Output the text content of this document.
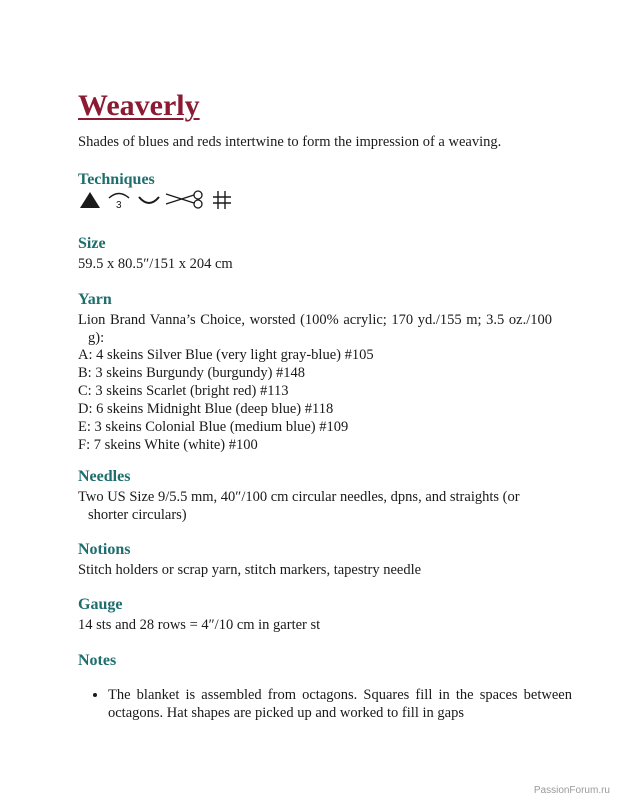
Weaverly
Shades of blues and reds intertwine to form the impression of a weaving.
Techniques
3
Size
59.5 x 80.5″/151 x 204 cm
Yarn
Lion Brand Vanna’s Choice, worsted (100% acrylic; 170 yd./155 m; 3.5 oz./100 g):
A: 4 skeins Silver Blue (very light gray-blue) #105
B: 3 skeins Burgundy (burgundy) #148
C: 3 skeins Scarlet (bright red) #113
D: 6 skeins Midnight Blue (deep blue) #118
E: 3 skeins Colonial Blue (medium blue) #109
F: 7 skeins White (white) #100
Needles
Two US Size 9/5.5 mm, 40″/100 cm circular needles, dpns, and straights (or shorter circulars)
Notions
Stitch holders or scrap yarn, stitch markers, tapestry needle
Gauge
14 sts and 28 rows = 4″/10 cm in garter st
Notes
• The blanket is assembled from octagons. Squares fill in the spaces between octagons. Hat shapes are picked up and worked to fill in gaps
PassionForum.ru
